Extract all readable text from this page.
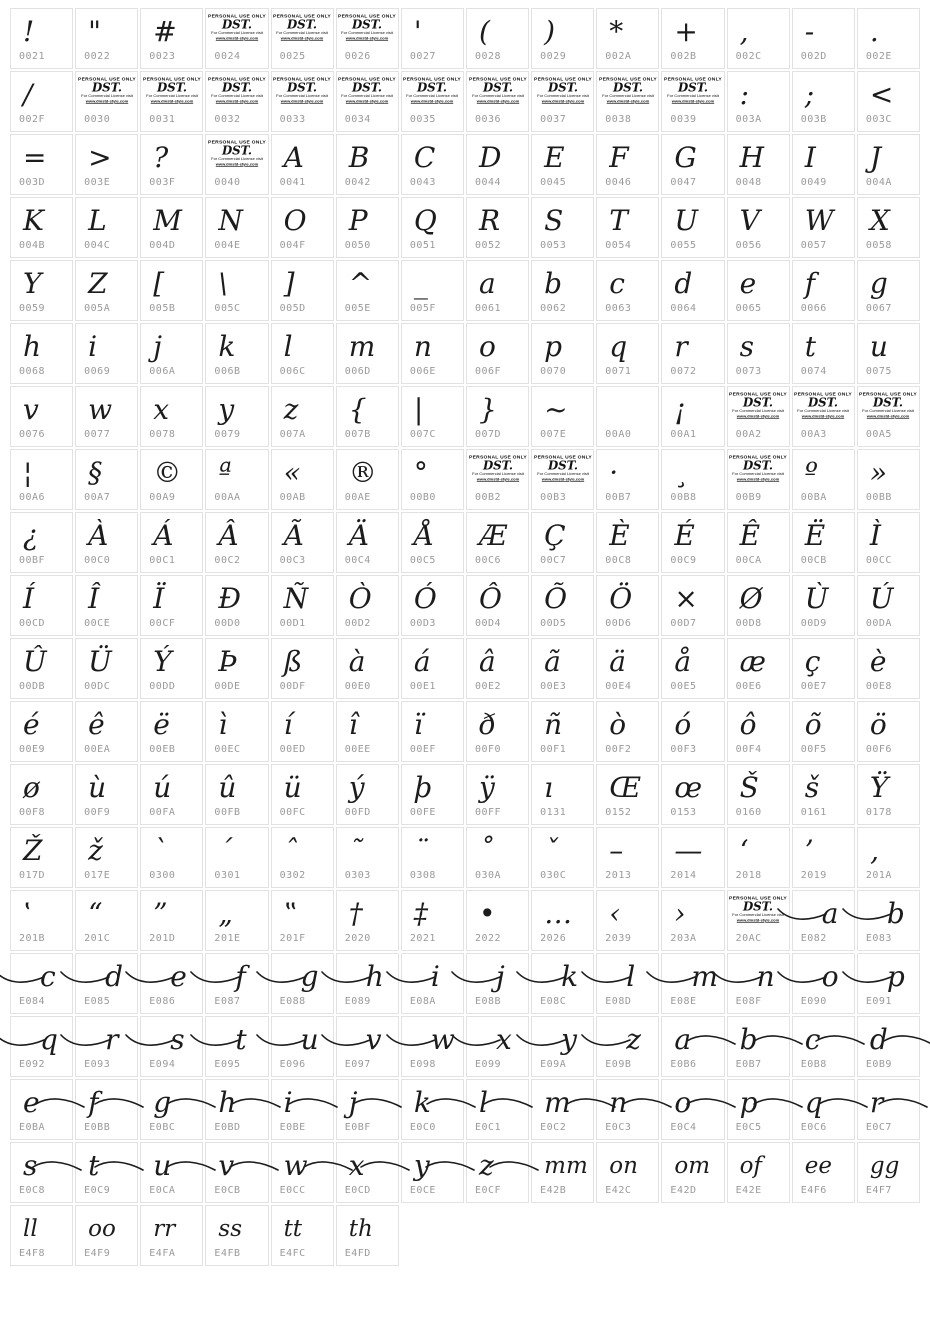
!
0021
"
0022
#
0023
PERSONAL USE ONLY
DST.
For Commercial License visit
www.dmstd-style.com
0024
PERSONAL USE ONLY
DST.
For Commercial License visit
www.dmstd-style.com
0025
PERSONAL USE ONLY
DST.
For Commercial License visit
www.dmstd-style.com
0026
'
0027
(
0028
)
0029
*
002A
+
002B
,
002C
-
002D
.
002E
/
002F
PERSONAL USE ONLY
DST.
For Commercial License visit
www.dmstd-style.com
0030
PERSONAL USE ONLY
DST.
For Commercial License visit
www.dmstd-style.com
0031
PERSONAL USE ONLY
DST.
For Commercial License visit
www.dmstd-style.com
0032
PERSONAL USE ONLY
DST.
For Commercial License visit
www.dmstd-style.com
0033
PERSONAL USE ONLY
DST.
For Commercial License visit
www.dmstd-style.com
0034
PERSONAL USE ONLY
DST.
For Commercial License visit
www.dmstd-style.com
0035
PERSONAL USE ONLY
DST.
For Commercial License visit
www.dmstd-style.com
0036
PERSONAL USE ONLY
DST.
For Commercial License visit
www.dmstd-style.com
0037
PERSONAL USE ONLY
DST.
For Commercial License visit
www.dmstd-style.com
0038
PERSONAL USE ONLY
DST.
For Commercial License visit
www.dmstd-style.com
0039
:
003A
;
003B
<
003C
=
003D
>
003E
?
003F
PERSONAL USE ONLY
DST.
For Commercial License visit
www.dmstd-style.com
0040
A
0041
B
0042
C
0043
D
0044
E
0045
F
0046
G
0047
H
0048
I
0049
J
004A
K
004B
L
004C
M
004D
N
004E
O
004F
P
0050
Q
0051
R
0052
S
0053
T
0054
U
0055
V
0056
W
0057
X
0058
Y
0059
Z
005A
[
005B
\
005C
]
005D
^
005E
_
005F
a
0061
b
0062
c
0063
d
0064
e
0065
f
0066
g
0067
h
0068
i
0069
j
006A
k
006B
l
006C
m
006D
n
006E
o
006F
p
0070
q
0071
r
0072
s
0073
t
0074
u
0075
v
0076
w
0077
x
0078
y
0079
z
007A
{
007B
|
007C
}
007D
~
007E	00A0
¡
00A1
PERSONAL USE ONLY
DST.
For Commercial License visit
www.dmstd-style.com
00A2
PERSONAL USE ONLY
DST.
For Commercial License visit
www.dmstd-style.com
00A3
PERSONAL USE ONLY
DST.
For Commercial License visit
www.dmstd-style.com
00A5
¦
00A6
§
00A7
©
00A9
ª
00AA
«
00AB
®
00AE
°
00B0
PERSONAL USE ONLY
DST.
For Commercial License visit
www.dmstd-style.com
00B2
PERSONAL USE ONLY
DST.
For Commercial License visit
www.dmstd-style.com
00B3
·
00B7
¸
00B8
PERSONAL USE ONLY
DST.
For Commercial License visit
www.dmstd-style.com
00B9
º
00BA
»
00BB
¿
00BF
À
00C0
Á
00C1
Â
00C2
Ã
00C3
Ä
00C4
Å
00C5
Æ
00C6
Ç
00C7
È
00C8
É
00C9
Ê
00CA
Ë
00CB
Ì
00CC
Í
00CD
Î
00CE
Ï
00CF
Ð
00D0
Ñ
00D1
Ò
00D2
Ó
00D3
Ô
00D4
Õ
00D5
Ö
00D6
×
00D7
Ø
00D8
Ù
00D9
Ú
00DA
Û
00DB
Ü
00DC
Ý
00DD
Þ
00DE
ß
00DF
à
00E0
á
00E1
â
00E2
ã
00E3
ä
00E4
å
00E5
æ
00E6
ç
00E7
è
00E8
é
00E9
ê
00EA
ë
00EB
ì
00EC
í
00ED
î
00EE
ï
00EF
ð
00F0
ñ
00F1
ò
00F2
ó
00F3
ô
00F4
õ
00F5
ö
00F6
ø
00F8
ù
00F9
ú
00FA
û
00FB
ü
00FC
ý
00FD
þ
00FE
ÿ
00FF
ı
0131
Œ
0152
œ
0153
Š
0160
š
0161
Ÿ
0178
Ž
017D
ž
017E
ˋ
0300
ˊ
0301
ˆ
0302
˜
0303
¨
0308
˚
030A
ˇ
030C
–
2013
—
2014
‘
2018
’
2019
‚
201A
‛
201B
“
201C
”
201D
„
201E
‟
201F
†
2020
‡
2021
•
2022
…
2026
‹
2039
›
203A
PERSONAL USE ONLY
DST.
For Commercial License visit
www.dmstd-style.com
20AC
a
E082
b
E083
c
E084
d
E085
e
E086
f
E087
g
E088
h
E089
i
E08A
j
E08B
k
E08C
l
E08D
m
E08E
n
E08F
o
E090
p
E091
q
E092
r
E093
s
E094
t
E095
u
E096
v
E097
w
E098
x
E099
y
E09A
z
E09B
a
E0B6
b
E0B7
c
E0B8
d
E0B9
e
E0BA
f
E0BB
g
E0BC
h
E0BD
i
E0BE
j
E0BF
k
E0C0
l
E0C1
m
E0C2
n
E0C3
o
E0C4
p
E0C5
q
E0C6
r
E0C7
s
E0C8
t
E0C9
u
E0CA
v
E0CB
w
E0CC
x
E0CD
y
E0CE
z
E0CF
mm
E42B
on
E42C
om
E42D
of
E42E
ee
E4F6
gg
E4F7
ll
E4F8
oo
E4F9
rr
E4FA
ss
E4FB
tt
E4FC
th
E4FD
